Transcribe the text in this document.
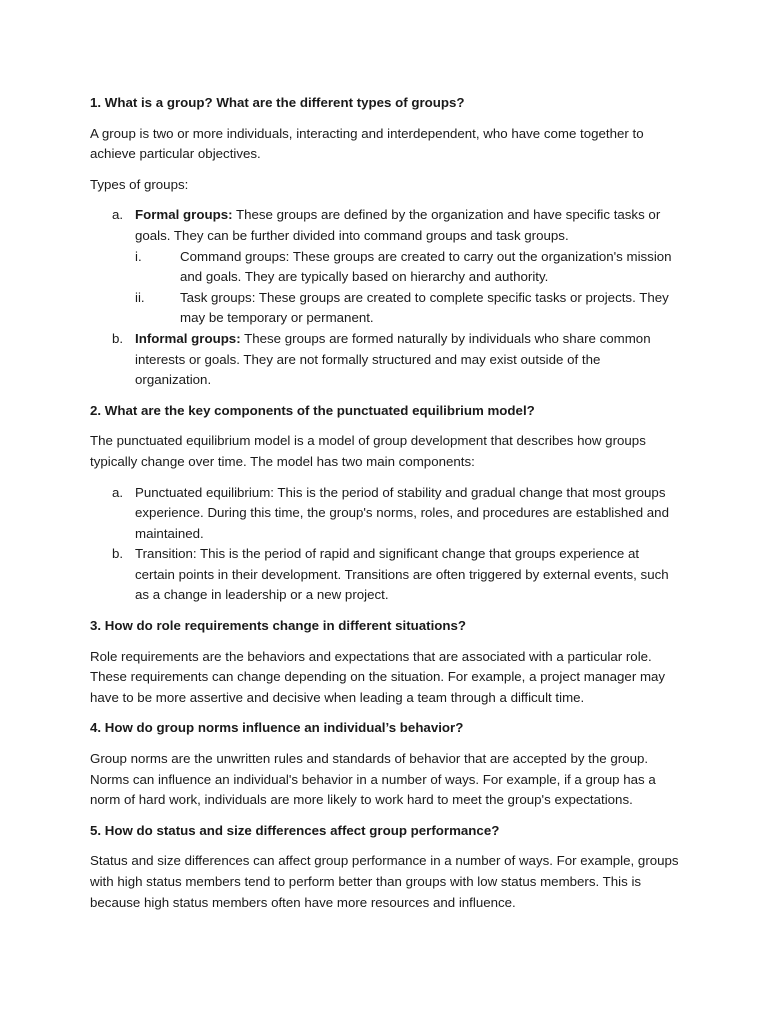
1. What is a group? What are the different types of groups?
A group is two or more individuals, interacting and interdependent, who have come together to achieve particular objectives.
Types of groups:
a. Formal groups: These groups are defined by the organization and have specific tasks or goals. They can be further divided into command groups and task groups.
i.	Command groups: These groups are created to carry out the organization's mission and goals. They are typically based on hierarchy and authority.
ii.	Task groups: These groups are created to complete specific tasks or projects. They may be temporary or permanent.
b. Informal groups: These groups are formed naturally by individuals who share common interests or goals. They are not formally structured and may exist outside of the organization.
2. What are the key components of the punctuated equilibrium model?
The punctuated equilibrium model is a model of group development that describes how groups typically change over time. The model has two main components:
a. Punctuated equilibrium: This is the period of stability and gradual change that most groups experience. During this time, the group's norms, roles, and procedures are established and maintained.
b. Transition: This is the period of rapid and significant change that groups experience at certain points in their development. Transitions are often triggered by external events, such as a change in leadership or a new project.
3. How do role requirements change in different situations?
Role requirements are the behaviors and expectations that are associated with a particular role. These requirements can change depending on the situation. For example, a project manager may have to be more assertive and decisive when leading a team through a difficult time.
4. How do group norms influence an individual’s behavior?
Group norms are the unwritten rules and standards of behavior that are accepted by the group. Norms can influence an individual's behavior in a number of ways. For example, if a group has a norm of hard work, individuals are more likely to work hard to meet the group's expectations.
5. How do status and size differences affect group performance?
Status and size differences can affect group performance in a number of ways. For example, groups with high status members tend to perform better than groups with low status members. This is because high status members often have more resources and influence.
